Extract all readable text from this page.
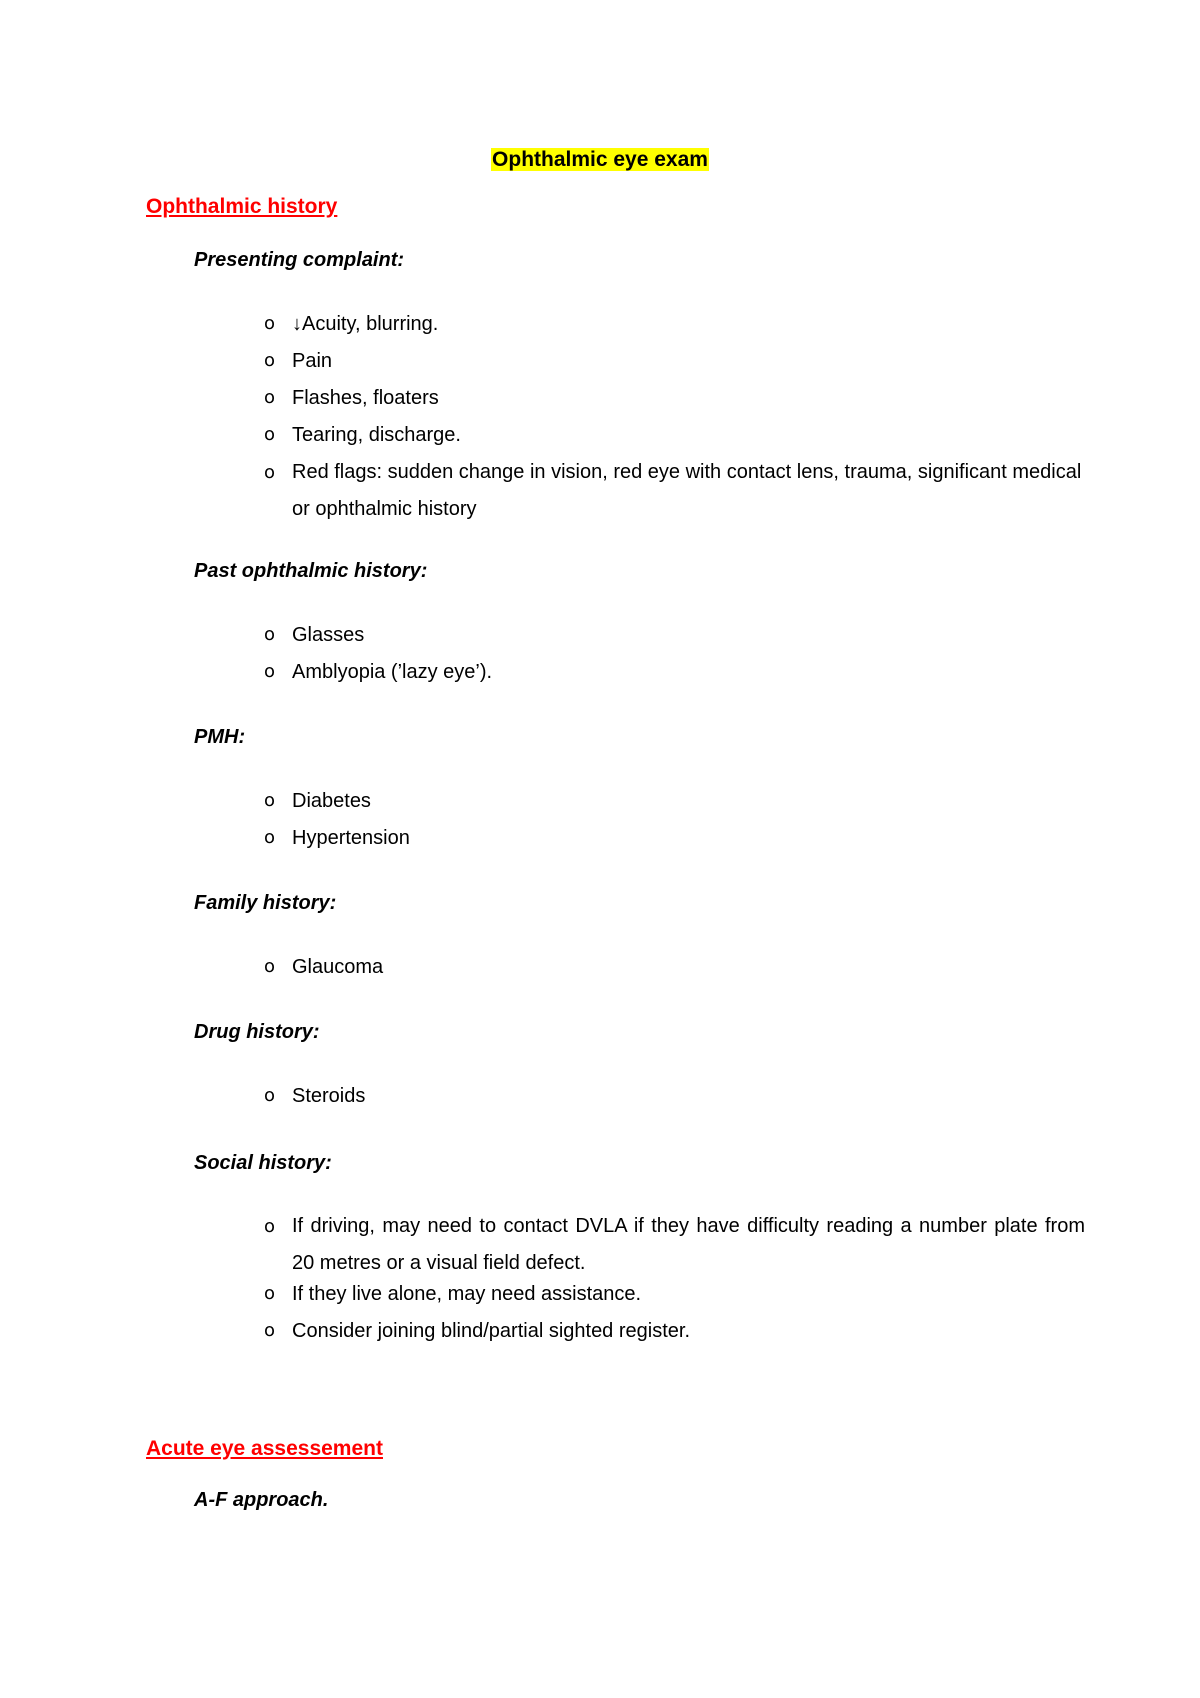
Ophthalmic eye exam
Ophthalmic history
Presenting complaint:
o ↓Acuity, blurring.
o Pain
o Flashes, floaters
o Tearing, discharge.
o Red flags: sudden change in vision, red eye with contact lens, trauma, significant medical or ophthalmic history
Past ophthalmic history:
o Glasses
o Amblyopia (’lazy eye’).
PMH:
o Diabetes
o Hypertension
Family history:
o Glaucoma
Drug history:
o Steroids
Social history:
o If driving, may need to contact DVLA if they have difficulty reading a number plate from 20 metres or a visual field defect.
o If they live alone, may need assistance.
o Consider joining blind/partial sighted register.
Acute eye assessement
A-F approach.
